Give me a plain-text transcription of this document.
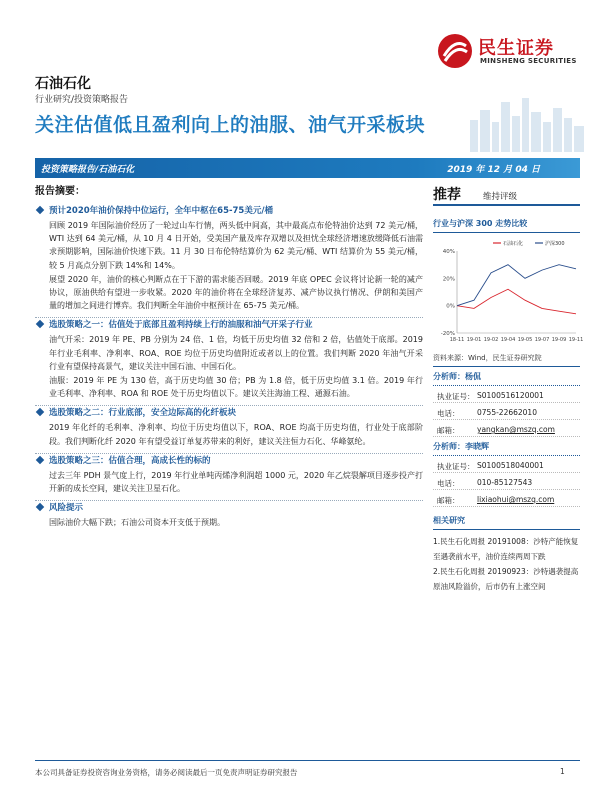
民生证券
MINSHENG SECURITIES
石油石化
行业研究/投资策略报告
关注估值低且盈利向上的油服、油气开采板块
投资策略报告/石油石化	2019 年 12 月 04 日
报告摘要：
预计2020年油价保持中位运行，全年中枢在65-75美元/桶

回顾 2019 年国际油价经历了一轮过山车行情，两头低中间高，其中最高点布伦特油价达到 72 美元/桶，WTI 达到 64 美元/桶，从 10 月 4 日开始，受美国产量及库存双增以及担忧全球经济增速放缓降低石油需求预期影响，国际油价快速下跌。11 月 30 日布伦特结算价为 62 美元/桶、WTI 结算价为 55 美元/桶，较 5 月高点分别下跌 14%和 14%。

展望 2020 年，油价的核心判断点在于下游的需求能否回暖。2019 年底 OPEC 会议将讨论新一轮的减产协议，原油供给有望进一步收紧。2020 年的油价将在全球经济复苏、减产协议执行情况、伊朗和美国产量的增加之间进行博弈。我们判断全年油价中枢预计在 65-75 美元/桶。

选股策略之一：估值处于底部且盈利持续上行的油服和油气开采子行业

油气开采：2019 年 PE、PB 分别为 24 倍、1 倍，均低于历史均值 32 倍和 2 倍，估值处于底部。2019 年行业毛利率、净利率、ROA、ROE 均位于历史均值附近或者以上的位置。我们判断 2020 年油气开采行业有望保持高景气，建议关注中国石油、中国石化。

油服：2019 年 PE 为 130 倍，高于历史均值 30 倍；PB 为 1.8 倍，低于历史均值 3.1 倍。2019 年行业毛利率、净利率、ROA 和 ROE 处于历史均值以下。建议关注海油工程、通源石油。

选股策略之二：行业底部，安全边际高的化纤板块

2019 年化纤的毛利率、净利率、均位于历史均值以下，ROA、ROE 均高于历史均值，行业处于底部阶段。我们判断化纤 2020 年有望受益订单复苏带来的利好，建议关注恒力石化、华峰氨纶。

选股策略之三：估值合理，高成长性的标的

过去三年 PDH 景气度上行，2019 年行业单吨丙烯净利润超 1000 元，2020 年乙烷裂解项目逐步投产打开新的成长空间，建议关注卫星石化。

风险提示

国际油价大幅下跌；石油公司资本开支低于预期。

推荐	维持评级
行业与沪深 300 走势比较
40%
20%
0%
-20%
18-11 19-01 19-02 19-04 19-05 19-07 19-09 19-11
石油石化	沪深300
资料来源：Wind，民生证券研究院
分析师：杨侃
执业证号： S0100516120001
电话： 0755-22662010
邮箱： yangkan@mszq.com
分析师：李晓辉
执业证号： S0100518040001
电话： 010-85127543
邮箱： lixiaohui@mszq.com
相关研究
1.民生石化周报 20191008：沙特产能恢复至遇袭前水平，油价连续两周下跌
2.民生石化周报 20190923：沙特遇袭提高原油风险溢价，后市仍有上涨空间
本公司具备证券投资咨询业务资格，请务必阅读最后一页免责声明证券研究报告	1
